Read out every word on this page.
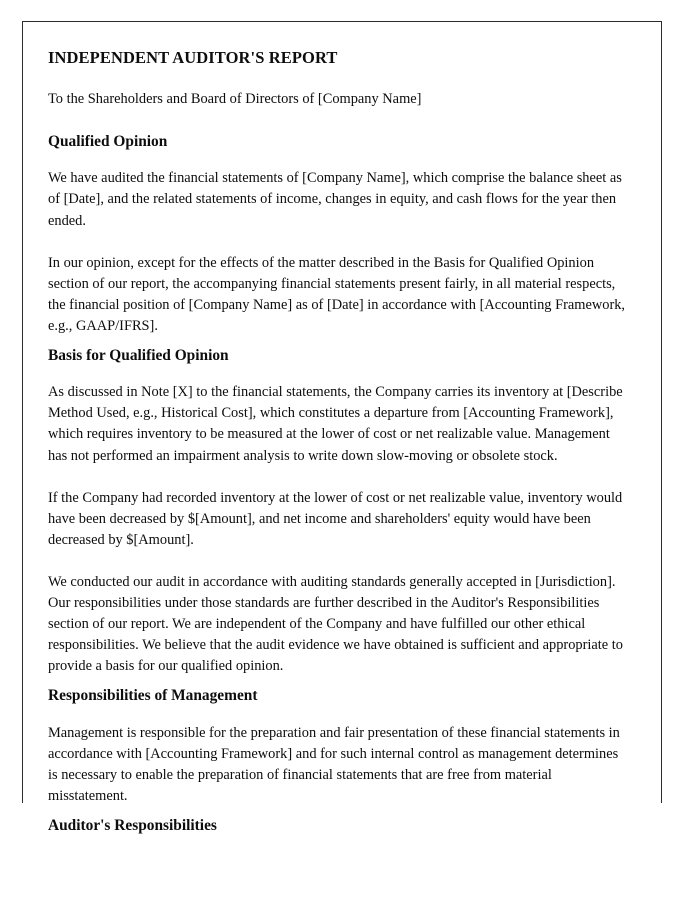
INDEPENDENT AUDITOR'S REPORT

To the Shareholders and Board of Directors of [Company Name]

Qualified Opinion

We have audited the financial statements of [Company Name], which comprise the balance sheet as of [Date], and the related statements of income, changes in equity, and cash flows for the year then ended.

In our opinion, except for the effects of the matter described in the Basis for Qualified Opinion section of our report, the accompanying financial statements present fairly, in all material respects, the financial position of [Company Name] as of [Date] in accordance with [Accounting Framework, e.g., GAAP/IFRS].

Basis for Qualified Opinion

As discussed in Note [X] to the financial statements, the Company carries its inventory at [Describe Method Used, e.g., Historical Cost], which constitutes a departure from [Accounting Framework], which requires inventory to be measured at the lower of cost or net realizable value. Management has not performed an impairment analysis to write down slow-moving or obsolete stock.

If the Company had recorded inventory at the lower of cost or net realizable value, inventory would have been decreased by $[Amount], and net income and shareholders' equity would have been decreased by $[Amount].

We conducted our audit in accordance with auditing standards generally accepted in [Jurisdiction]. Our responsibilities under those standards are further described in the Auditor's Responsibilities section of our report. We are independent of the Company and have fulfilled our other ethical responsibilities. We believe that the audit evidence we have obtained is sufficient and appropriate to provide a basis for our qualified opinion.

Responsibilities of Management

Management is responsible for the preparation and fair presentation of these financial statements in accordance with [Accounting Framework] and for such internal control as management determines is necessary to enable the preparation of financial statements that are free from material misstatement.

Auditor's Responsibilities
